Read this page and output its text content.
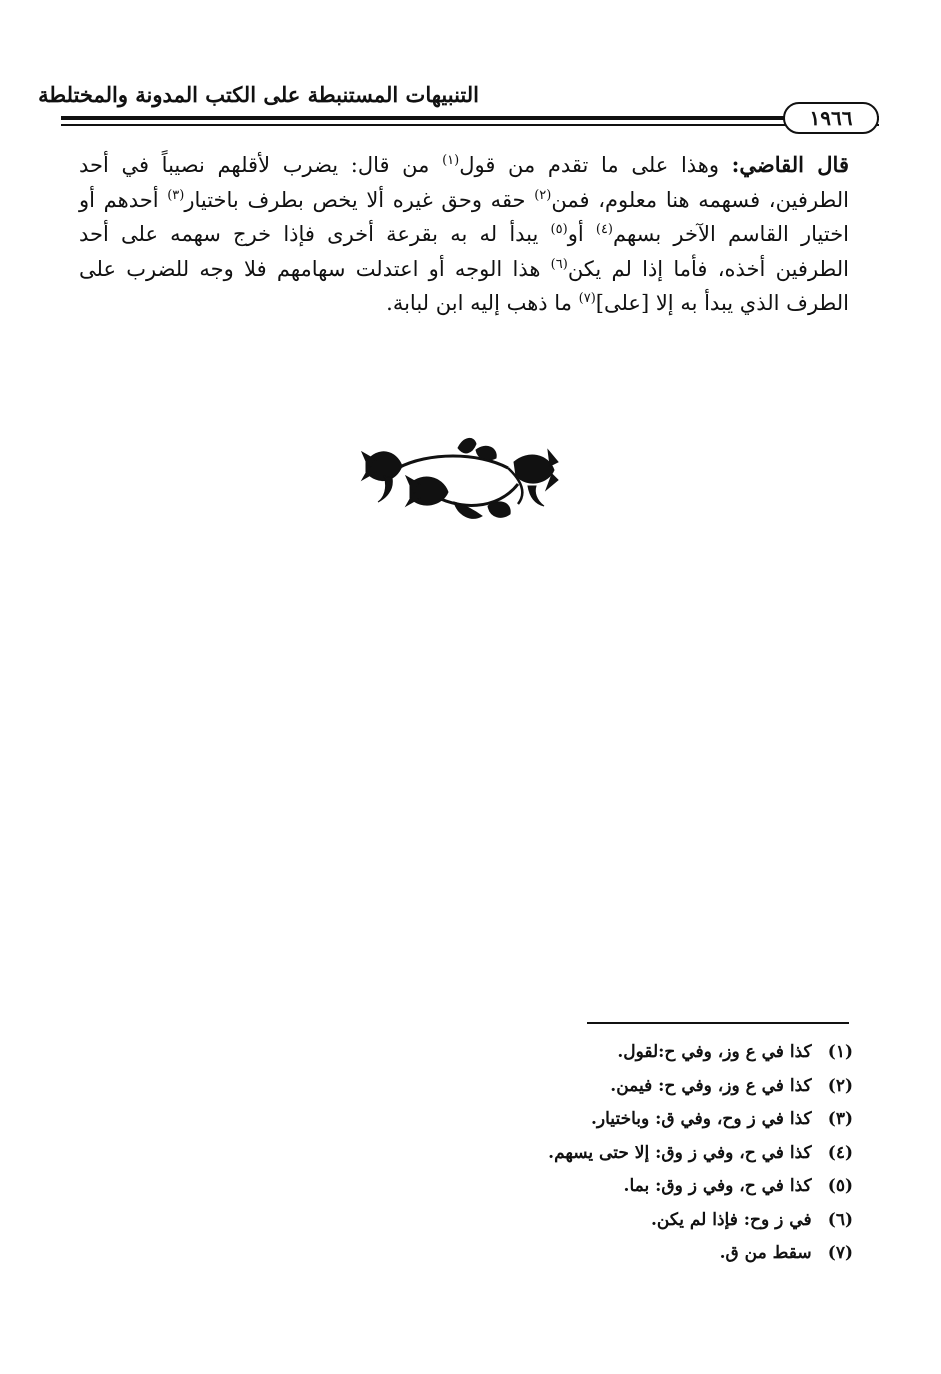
التنبيهات المستنبطة على الكتب المدونة والمختلطة
١٩٦٦

قال القاضي: وهذا على ما تقدم من قول$^{(١)}$ من قال: يضرب لأقلهم نصيباً في أحد الطرفين، فسهمه هنا معلوم، فمن$^{(٢)}$ حقه وحق غيره ألا يخص بطرف باختيار$^{(٣)}$ أحدهم أو اختيار القاسم الآخر بسهم$^{(٤)}$ أو$^{(٥)}$ يبدأ له به بقرعة أخرى فإذا خرج سهمه على أحد الطرفين أخذه، فأما إذا لم يكن$^{(٦)}$ هذا الوجه أو اعتدلت سهامهم فلا وجه للضرب على الطرف الذي يبدأ به إلا [على]$^{(٧)}$ ما ذهب إليه ابن لبابة.

(١) كذا في ع وز، وفي ح:لقول.
(٢) كذا في ع وز، وفي ح: فيمن.
(٣) كذا في ز وح، وفي ق: وباختيار.
(٤) كذا في ح، وفي ز وق: إلا حتى يسهم.
(٥) كذا في ح، وفي ز وق: بما.
(٦) في ز وح: فإذا لم يكن.
(٧) سقط من ق.
